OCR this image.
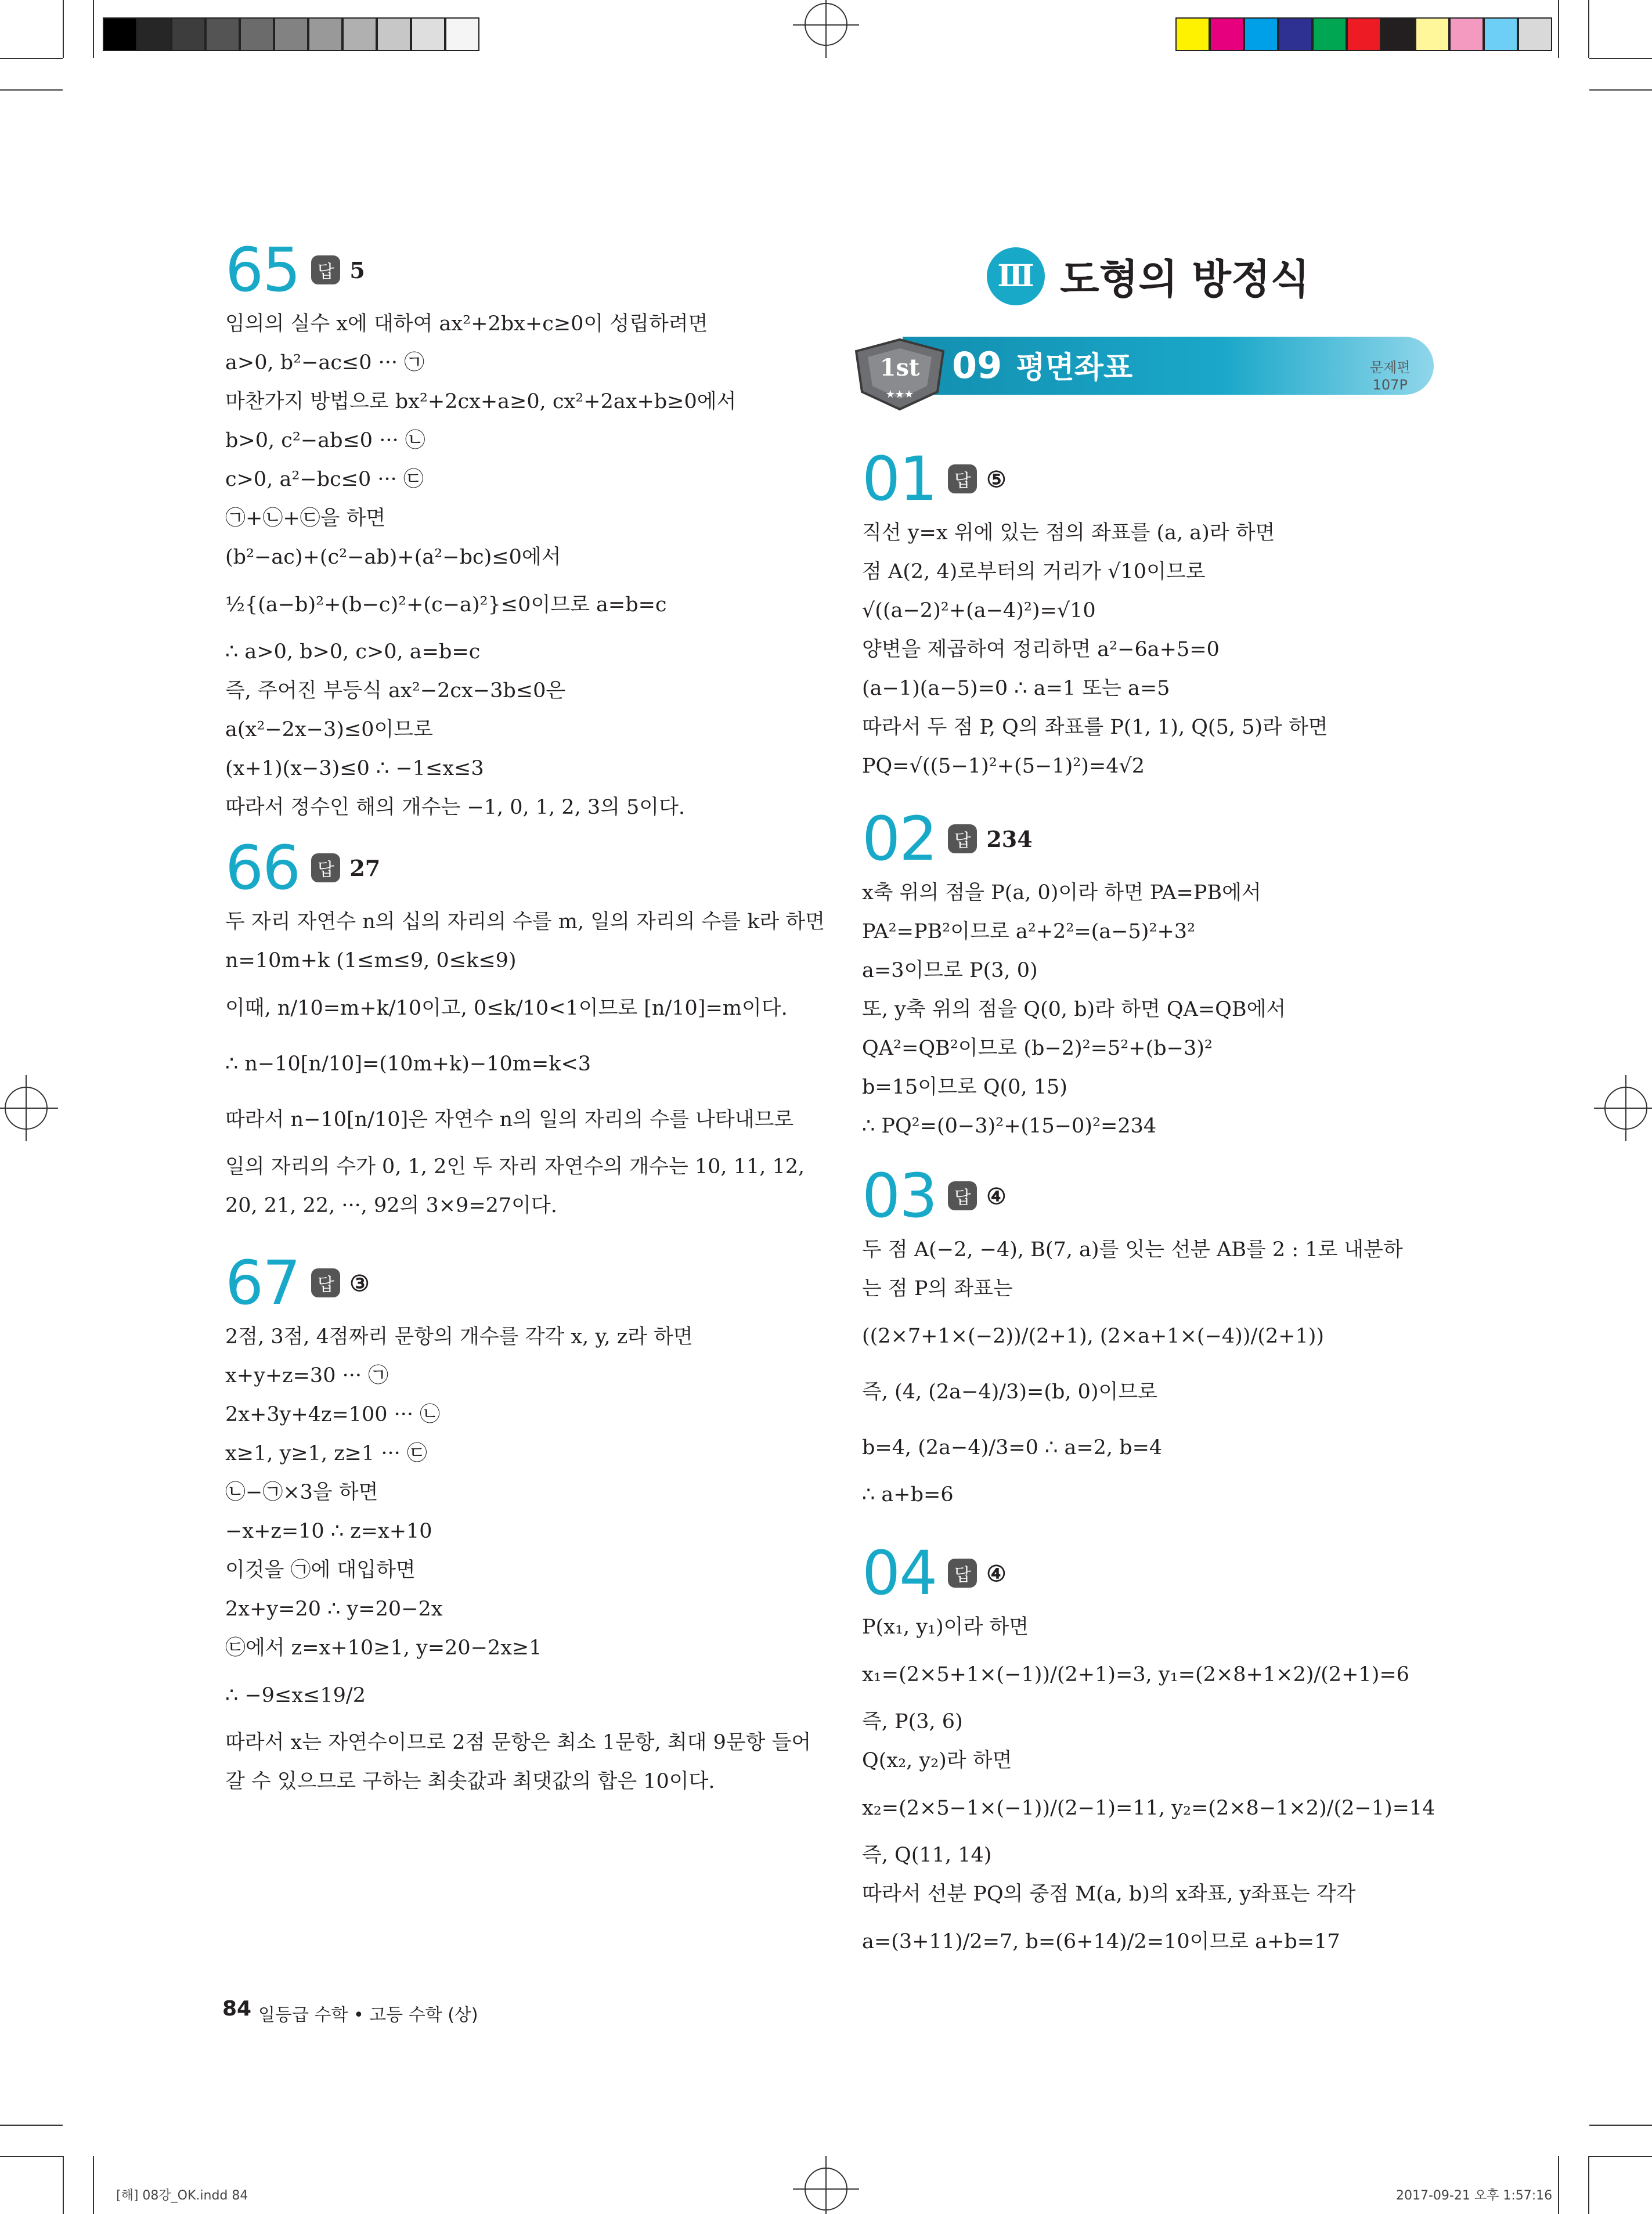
65	답 5
임의의 실수 x에 대하여 ax²+2bx+c≥0이 성립하려면
a>0, b²−ac≤0 ··· ㉠
마찬가지 방법으로 bx²+2cx+a≥0, cx²+2ax+b≥0에서
b>0, c²−ab≤0 ··· ㉡
c>0, a²−bc≤0 ··· ㉢
㉠+㉡+㉢을 하면
(b²−ac)+(c²−ab)+(a²−bc)≤0에서
½{(a−b)²+(b−c)²+(c−a)²}≤0이므로 a=b=c
∴ a>0, b>0, c>0, a=b=c
즉, 주어진 부등식 ax²−2cx−3b≤0은
a(x²−2x−3)≤0이므로
(x+1)(x−3)≤0 ∴ −1≤x≤3
따라서 정수인 해의 개수는 −1, 0, 1, 2, 3의 5이다.
66	답 27
두 자리 자연수 n의 십의 자리의 수를 m, 일의 자리의 수를 k라 하면
n=10m+k (1≤m≤9, 0≤k≤9)
이때, n/10=m+k/10이고, 0≤k/10<1이므로 [n/10]=m이다.
∴ n−10[n/10]=(10m+k)−10m=k<3
따라서 n−10[n/10]은 자연수 n의 일의 자리의 수를 나타내므로
일의 자리의 수가 0, 1, 2인 두 자리 자연수의 개수는 10, 11, 12,
20, 21, 22, ···, 92의 3×9=27이다.
67	답 ③
2점, 3점, 4점짜리 문항의 개수를 각각 x, y, z라 하면
x+y+z=30 ··· ㉠
2x+3y+4z=100 ··· ㉡
x≥1, y≥1, z≥1 ··· ㉢
㉡−㉠×3을 하면
−x+z=10 ∴ z=x+10
이것을 ㉠에 대입하면
2x+y=20 ∴ y=20−2x
㉢에서 z=x+10≥1, y=20−2x≥1
∴ −9≤x≤19/2
따라서 x는 자연수이므로 2점 문항은 최소 1문항, 최대 9문항 들어
갈 수 있으므로 구하는 최솟값과 최댓값의 합은 10이다.
Ⅲ 도형의 방정식
1st
★★★
09 평면좌표	문제편
107P
01	답 ⑤
직선 y=x 위에 있는 점의 좌표를 (a, a)라 하면
점 A(2, 4)로부터의 거리가 √10이므로
√((a−2)²+(a−4)²)=√10
양변을 제곱하여 정리하면 a²−6a+5=0
(a−1)(a−5)=0 ∴ a=1 또는 a=5
따라서 두 점 P, Q의 좌표를 P(1, 1), Q(5, 5)라 하면
PQ=√((5−1)²+(5−1)²)=4√2
02	답 234
x축 위의 점을 P(a, 0)이라 하면 PA=PB에서
PA²=PB²이므로 a²+2²=(a−5)²+3²
a=3이므로 P(3, 0)
또, y축 위의 점을 Q(0, b)라 하면 QA=QB에서
QA²=QB²이므로 (b−2)²=5²+(b−3)²
b=15이므로 Q(0, 15)
∴ PQ²=(0−3)²+(15−0)²=234
03	답 ④
두 점 A(−2, −4), B(7, a)를 잇는 선분 AB를 2 : 1로 내분하
는 점 P의 좌표는
((2×7+1×(−2))/(2+1), (2×a+1×(−4))/(2+1))
즉, (4, (2a−4)/3)=(b, 0)이므로
b=4, (2a−4)/3=0 ∴ a=2, b=4
∴ a+b=6
04	답 ④
P(x₁, y₁)이라 하면
x₁=(2×5+1×(−1))/(2+1)=3, y₁=(2×8+1×2)/(2+1)=6
즉, P(3, 6)
Q(x₂, y₂)라 하면
x₂=(2×5−1×(−1))/(2−1)=11, y₂=(2×8−1×2)/(2−1)=14
즉, Q(11, 14)
따라서 선분 PQ의 중점 M(a, b)의 x좌표, y좌표는 각각
a=(3+11)/2=7, b=(6+14)/2=10이므로 a+b=17
84 일등급 수학 • 고등 수학 (상)
[해] 08강_OK.indd 84	2017-09-21 오후 1:57:16
